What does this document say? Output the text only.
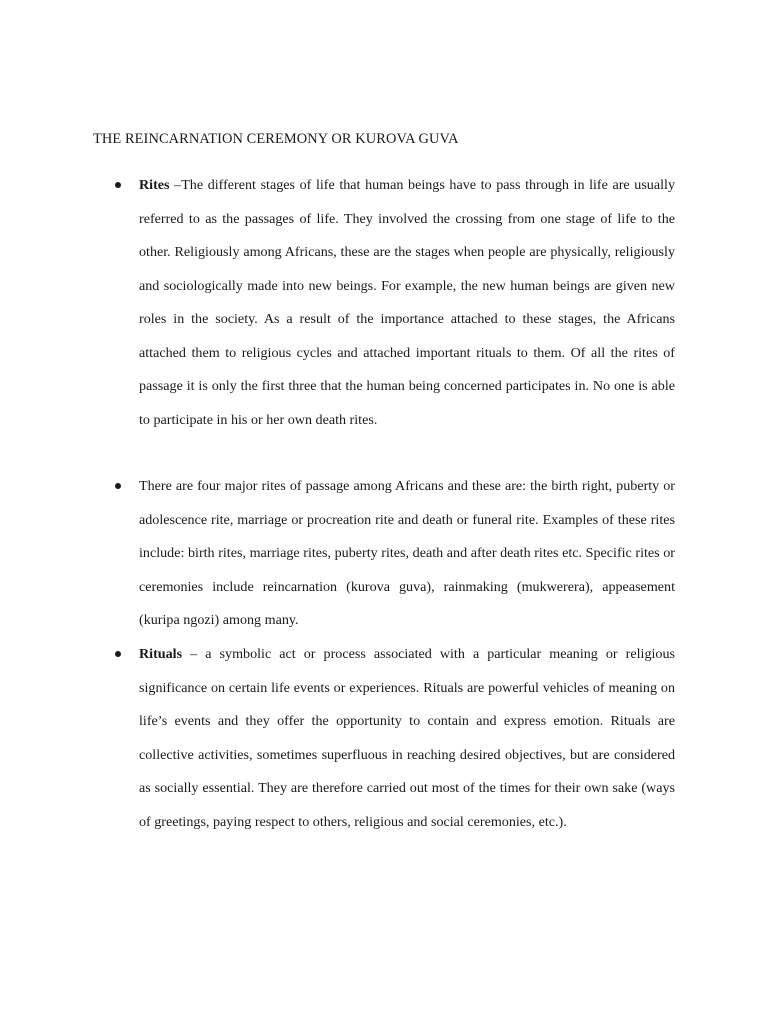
THE REINCARNATION CEREMONY OR KUROVA GUVA
Rites –The different stages of life that human beings have to pass through in life are usually referred to as the passages of life. They involved the crossing from one stage of life to the other. Religiously among Africans, these are the stages when people are physically, religiously and sociologically made into new beings. For example, the new human beings are given new roles in the society. As a result of the importance attached to these stages, the Africans attached them to religious cycles and attached important rituals to them. Of all the rites of passage it is only the first three that the human being concerned participates in. No one is able to participate in his or her own death rites.
There are four major rites of passage among Africans and these are: the birth right, puberty or adolescence rite, marriage or procreation rite and death or funeral rite. Examples of these rites include: birth rites, marriage rites, puberty rites, death and after death rites etc. Specific rites or ceremonies include reincarnation (kurova guva), rainmaking (mukwerera), appeasement (kuripa ngozi) among many.
Rituals – a symbolic act or process associated with a particular meaning or religious significance on certain life events or experiences. Rituals are powerful vehicles of meaning on life’s events and they offer the opportunity to contain and express emotion. Rituals are collective activities, sometimes superfluous in reaching desired objectives, but are considered as socially essential. They are therefore carried out most of the times for their own sake (ways of greetings, paying respect to others, religious and social ceremonies, etc.).
